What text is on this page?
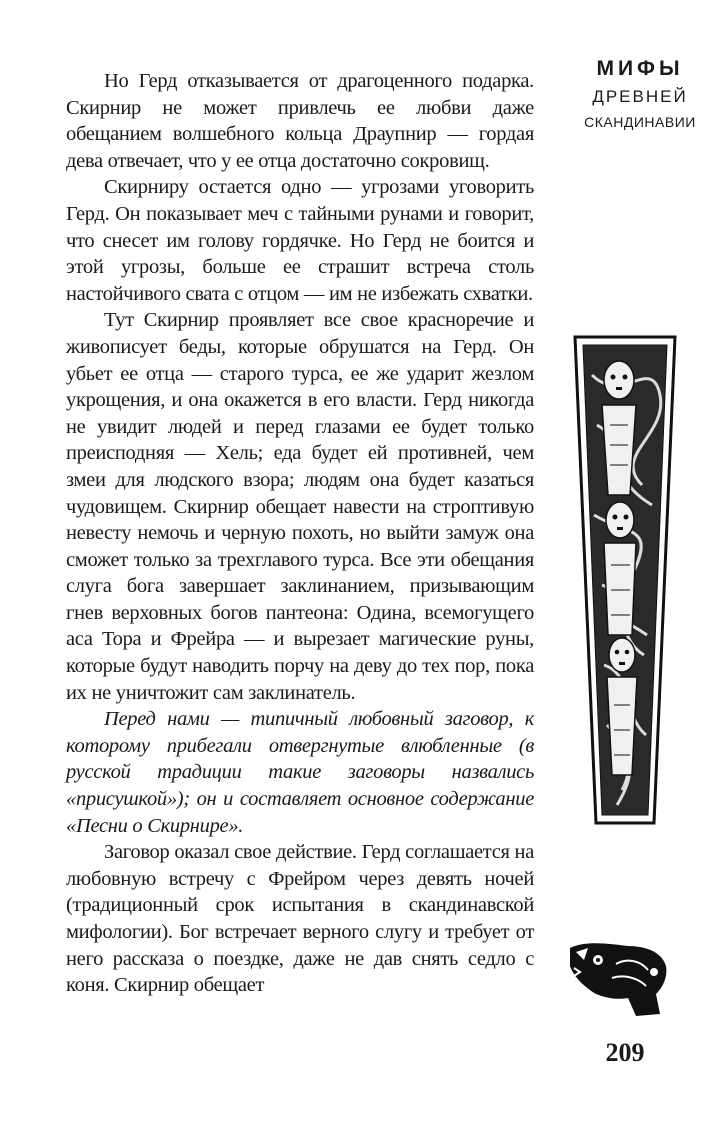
Но Герд отказывается от драгоценного подарка. Скирнир не может привлечь ее любви даже обещанием волшебного кольца Драупнир — гордая дева отвечает, что у ее отца достаточно сокровищ.

Скирниру остается одно — угрозами уговорить Герд. Он показывает меч с тайными рунами и говорит, что снесет им голову гордячке. Но Герд не боится и этой угрозы, больше ее страшит встреча столь настойчивого свата с отцом — им не избежать схватки.

Тут Скирнир проявляет все свое красноречие и живописует беды, которые обрушатся на Герд. Он убьет ее отца — старого турса, ее же ударит жезлом укрощения, и она окажется в его власти. Герд никогда не увидит людей и перед глазами ее будет только преисподняя — Хель; еда будет ей противней, чем змеи для людского взора; людям она будет казаться чудовищем. Скирнир обещает навести на строптивую невесту немочь и черную похоть, но выйти замуж она сможет только за трехглавого турса. Все эти обещания слуга бога завершает заклинанием, призывающим гнев верховных богов пантеона: Одина, всемогущего аса Тора и Фрейра — и вырезает магические руны, которые будут наводить порчу на деву до тех пор, пока их не уничтожит сам заклинатель.

Перед нами — типичный любовный заговор, к которому прибегали отвергнутые влюбленные (в русской традиции такие заговоры назвались «присушкой»); он и составляет основное содержание «Песни о Скирнире».

Заговор оказал свое действие. Герд соглашается на любовную встречу с Фрейром через девять ночей (традиционный срок испытания в скандинавской мифологии). Бог встречает верного слугу и требует от него рассказа о поездке, даже не дав снять седло с коня. Скирнир обещает

МИФЫ
ДРЕВНЕЙ
СКАНДИНАВИИ
209
